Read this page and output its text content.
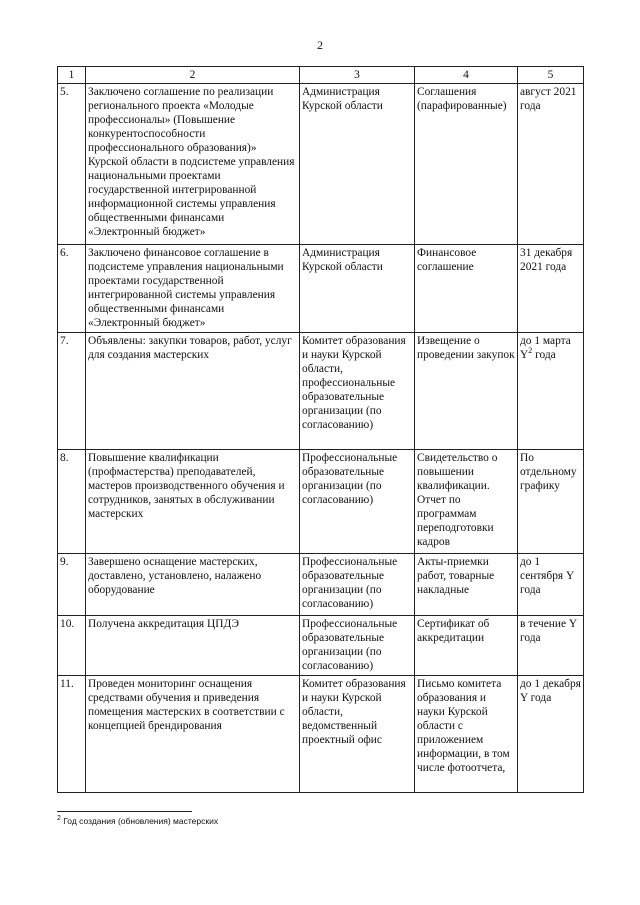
2
1	2	3	4	5
5.	Заключено соглашение по реализации регионального проекта «Молодые профессионалы» (Повышение конкурентоспособности профессионального образования)» Курской области в подсистеме управления национальными проектами государственной интегрированной информационной системы управления общественными финансами «Электронный бюджет»	Администрация Курской области	Соглашения (парафированные)	август 2021 года
6.	Заключено финансовое соглашение в подсистеме управления национальными проектами государственной интегрированной системы управления общественными финансами «Электронный бюджет»	Администрация Курской области	Финансовое соглашение	31 декабря 2021 года
7.	Объявлены: закупки товаров, работ, услуг для создания мастерских	Комитет образования и науки Курской области, профессиональные образовательные организации (по согласованию)	Извещение о проведении закупок	до 1 марта $Y^2$ года
8.	Повышение квалификации (профмастерства) преподавателей, мастеров производственного обучения и сотрудников, занятых в обслуживании мастерских	Профессиональные образовательные организации (по согласованию)	Свидетельство о повышении квалификации. Отчет по программам переподготовки кадров	По отдельному графику
9.	Завершено оснащение мастерских, доставлено, установлено, налажено оборудование	Профессиональные образовательные организации (по согласованию)	Акты-приемки работ, товарные накладные	до 1 сентября Y года
10.	Получена аккредитация ЦПДЭ	Профессиональные образовательные организации (по согласованию)	Сертификат об аккредитации	в течение Y года
11.	Проведен мониторинг оснащения средствами обучения и приведения помещения мастерских в соответствии с концепцией брендирования	Комитет образования и науки Курской области, ведомственный проектный офис	Письмо комитета образования и науки Курской области с приложением информации, в том числе фотоотчета,	до 1 декабря Y года
$^2$ Год создания (обновления) мастерских
